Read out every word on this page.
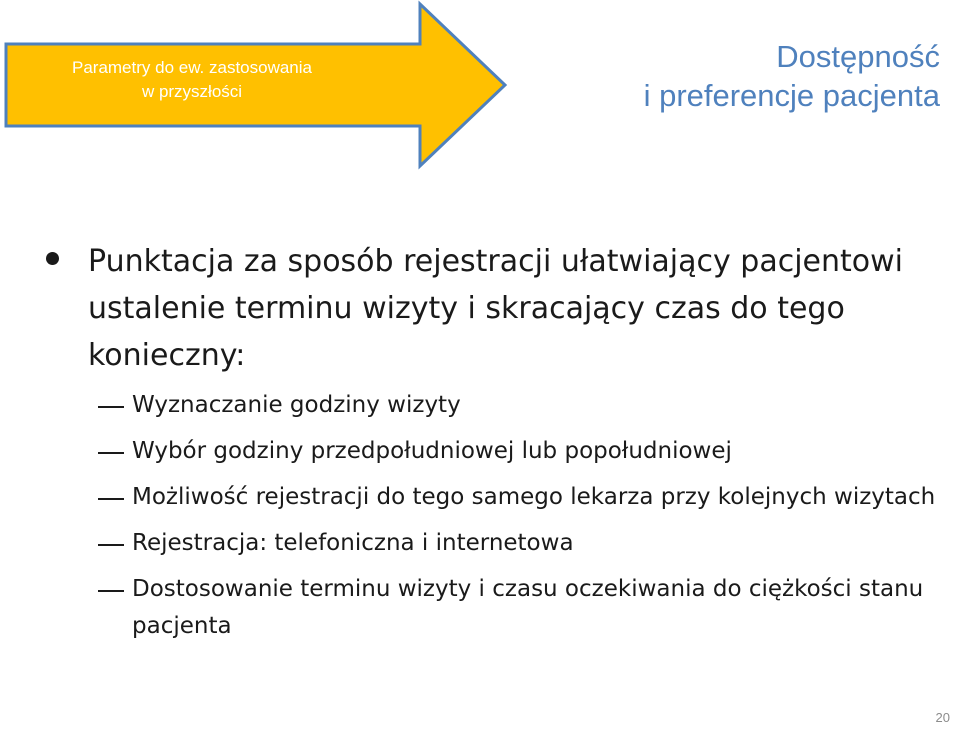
Parametry do ew. zastosowania
w przyszłości
Dostępność
i preferencje pacjenta
Punktacja za sposób rejestracji ułatwiający pacjentowi ustalenie terminu wizyty i skracający czas do tego konieczny:
Wyznaczanie godziny wizyty
Wybór godziny przedpołudniowej lub popołudniowej
Możliwość rejestracji do tego samego lekarza przy kolejnych wizytach
Rejestracja: telefoniczna i internetowa
Dostosowanie terminu wizyty i czasu oczekiwania do ciężkości stanu pacjenta
20
